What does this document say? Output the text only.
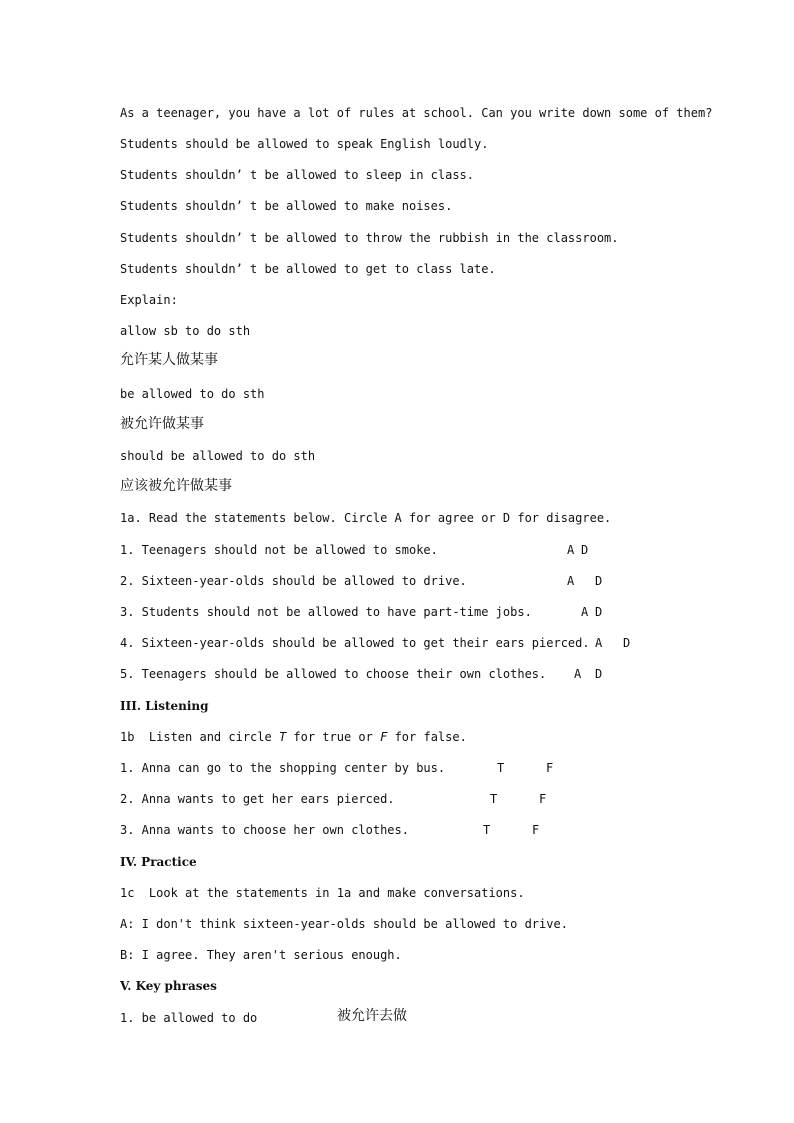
As a teenager, you have a lot of rules at school. Can you write down some of them?
Students should be allowed to speak English loudly.
Students shouldn’ t be allowed to sleep in class.
Students shouldn’ t be allowed to make noises.
Students shouldn’ t be allowed to throw the rubbish in the classroom.
Students shouldn’ t be allowed to get to class late.
Explain:
allow sb to do sth
允许某人做某事
be allowed to do sth
被允许做某事
should be allowed to do sth
应该被允许做某事
1a. Read the statements below. Circle A for agree or D for disagree.
1. Teenagers should not be allowed to smoke.	A D
2. Sixteen-year-olds should be allowed to drive.	A D
3. Students should not be allowed to have part-time jobs.	A D
4. Sixteen-year-olds should be allowed to get their ears pierced. A D
5. Teenagers should be allowed to choose their own clothes. A D
III. Listening
1b  Listen and circle T for true or F for false.
1. Anna can go to the shopping center by bus.	T	F
2. Anna wants to get her ears pierced.	T	F
3. Anna wants to choose her own clothes.	T	F
IV. Practice
1c  Look at the statements in 1a and make conversations.
A: I don't think sixteen-year-olds should be allowed to drive.
B: I agree. They aren't serious enough.
V. Key phrases
1. be allowed to do	被允许去做
